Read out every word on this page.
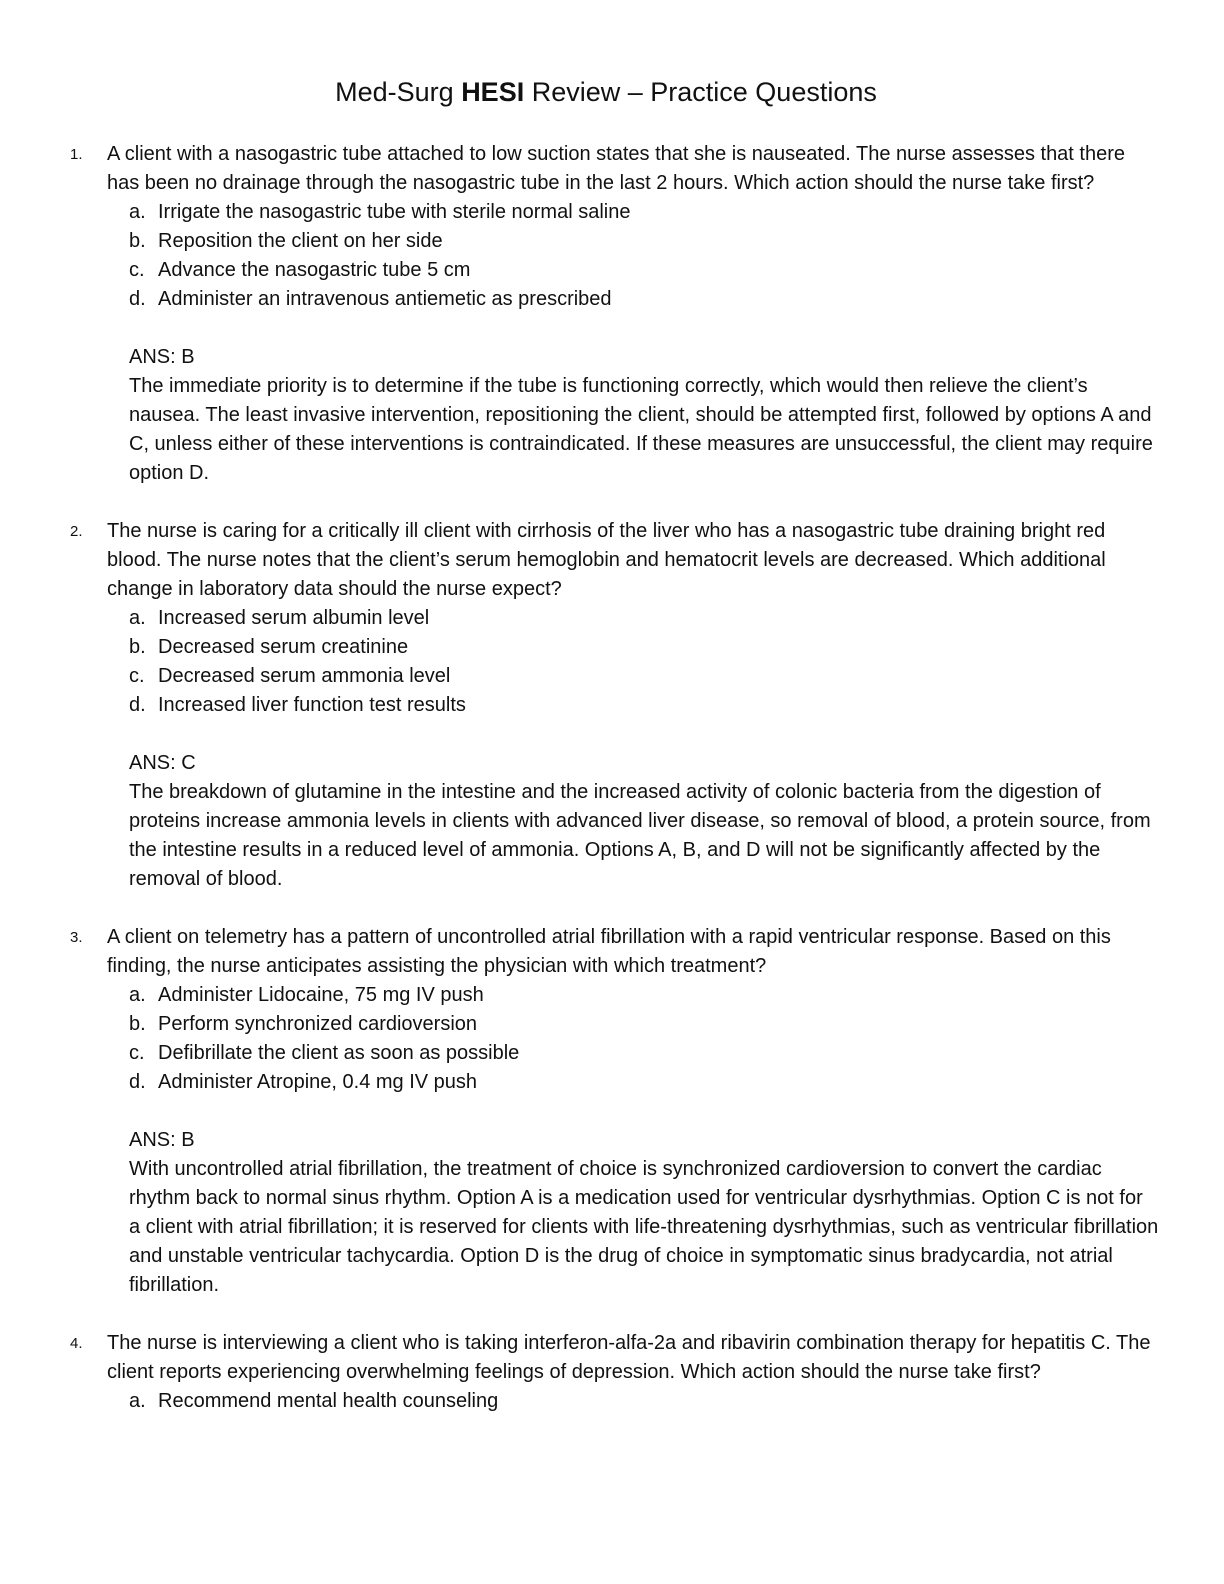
Med-Surg HESI Review – Practice Questions
1. A client with a nasogastric tube attached to low suction states that she is nauseated. The nurse assesses that there has been no drainage through the nasogastric tube in the last 2 hours. Which action should the nurse take first?
a. Irrigate the nasogastric tube with sterile normal saline
b. Reposition the client on her side
c. Advance the nasogastric tube 5 cm
d. Administer an intravenous antiemetic as prescribed
ANS: B
The immediate priority is to determine if the tube is functioning correctly, which would then relieve the client’s nausea. The least invasive intervention, repositioning the client, should be attempted first, followed by options A and C, unless either of these interventions is contraindicated. If these measures are unsuccessful, the client may require option D.
2. The nurse is caring for a critically ill client with cirrhosis of the liver who has a nasogastric tube draining bright red blood. The nurse notes that the client’s serum hemoglobin and hematocrit levels are decreased. Which additional change in laboratory data should the nurse expect?
a. Increased serum albumin level
b. Decreased serum creatinine
c. Decreased serum ammonia level
d. Increased liver function test results
ANS: C
The breakdown of glutamine in the intestine and the increased activity of colonic bacteria from the digestion of proteins increase ammonia levels in clients with advanced liver disease, so removal of blood, a protein source, from the intestine results in a reduced level of ammonia. Options A, B, and D will not be significantly affected by the removal of blood.
3. A client on telemetry has a pattern of uncontrolled atrial fibrillation with a rapid ventricular response. Based on this finding, the nurse anticipates assisting the physician with which treatment?
a. Administer Lidocaine, 75 mg IV push
b. Perform synchronized cardioversion
c. Defibrillate the client as soon as possible
d. Administer Atropine, 0.4 mg IV push
ANS: B
With uncontrolled atrial fibrillation, the treatment of choice is synchronized cardioversion to convert the cardiac rhythm back to normal sinus rhythm. Option A is a medication used for ventricular dysrhythmias. Option C is not for a client with atrial fibrillation; it is reserved for clients with life-threatening dysrhythmias, such as ventricular fibrillation and unstable ventricular tachycardia. Option D is the drug of choice in symptomatic sinus bradycardia, not atrial fibrillation.
4. The nurse is interviewing a client who is taking interferon-alfa-2a and ribavirin combination therapy for hepatitis C. The client reports experiencing overwhelming feelings of depression. Which action should the nurse take first?
a. Recommend mental health counseling
